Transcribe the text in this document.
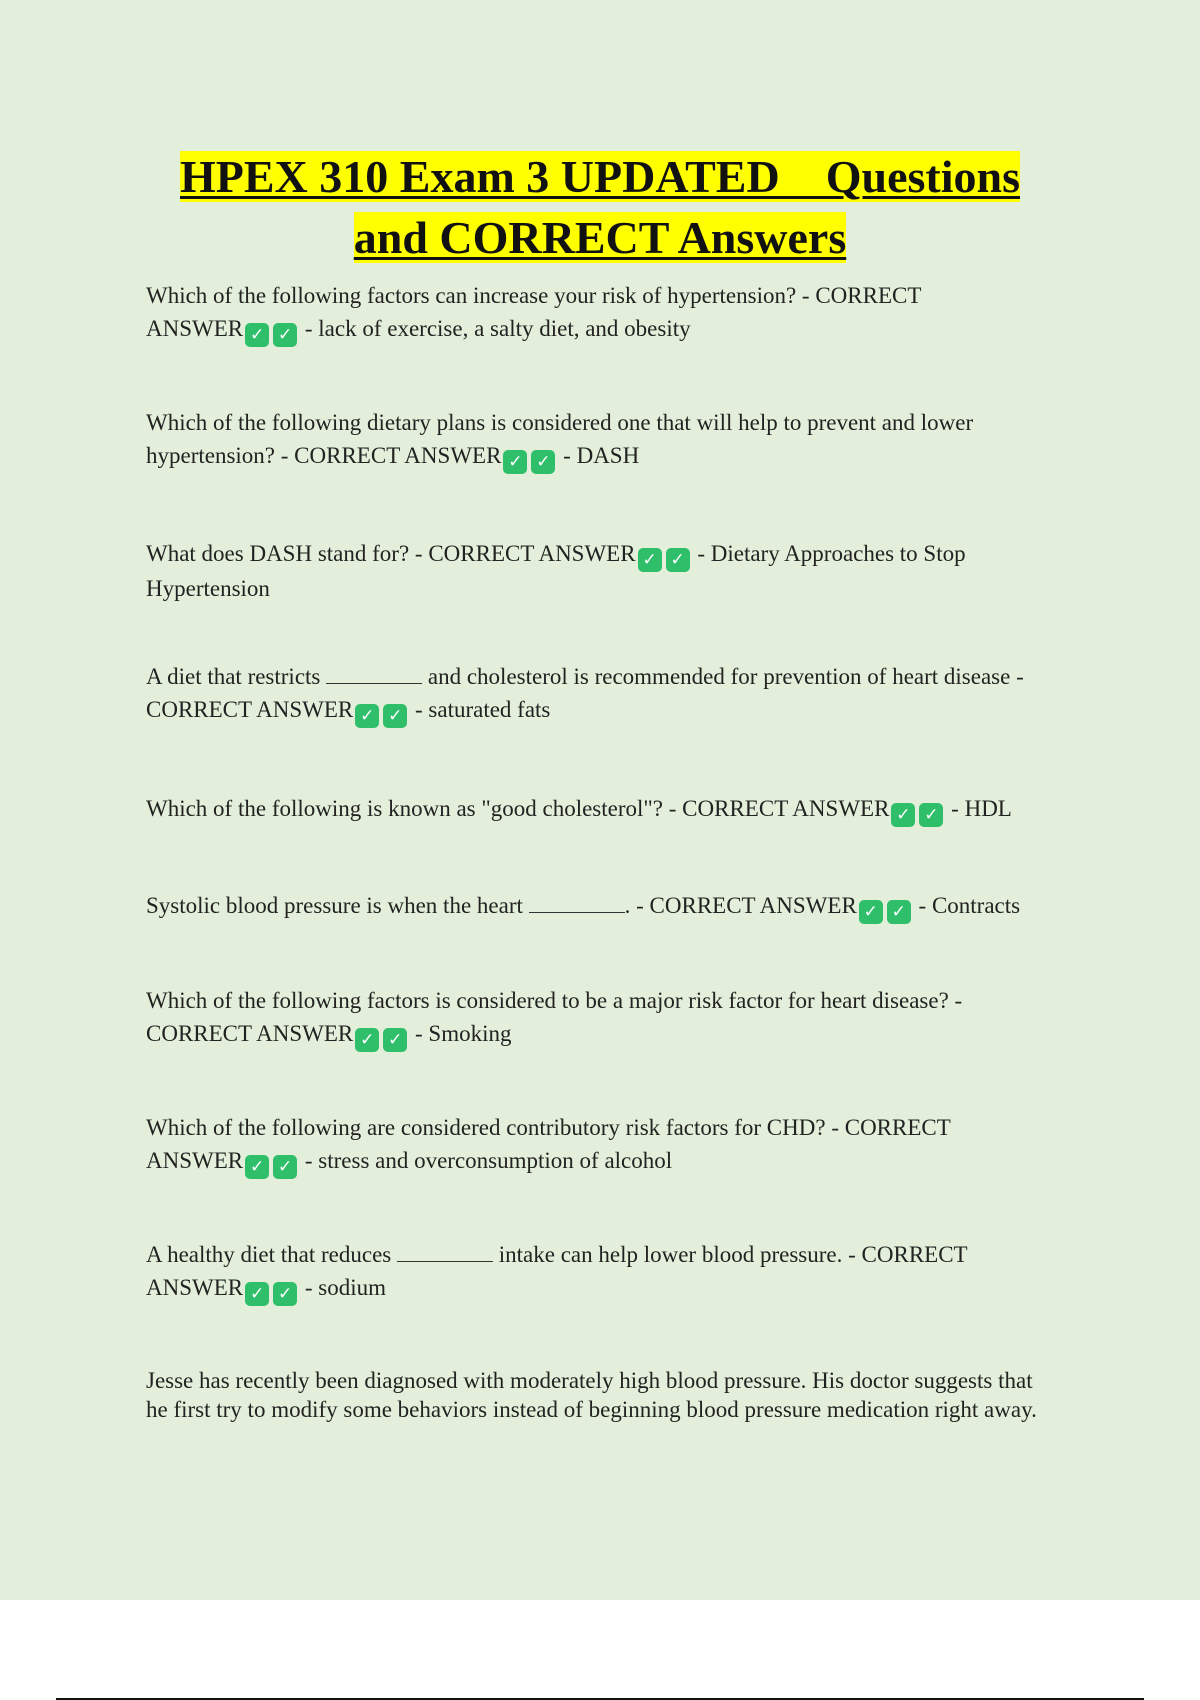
HPEX 310 Exam 3 UPDATED    Questions
and CORRECT Answers
Which of the following factors can increase your risk of hypertension? - CORRECT
ANSWER ✓ ✓ - lack of exercise, a salty diet, and obesity
Which of the following dietary plans is considered one that will help to prevent and lower
hypertension? - CORRECT ANSWER ✓ ✓ - DASH
What does DASH stand for? - CORRECT ANSWER ✓ ✓ - Dietary Approaches to Stop
Hypertension
A diet that restricts	and cholesterol is recommended for prevention of heart disease -
CORRECT ANSWER ✓ ✓ - saturated fats
Which of the following is known as "good cholesterol"? - CORRECT ANSWER ✓ ✓ - HDL
Systolic blood pressure is when the heart	. - CORRECT ANSWER ✓ ✓ - Contracts
Which of the following factors is considered to be a major risk factor for heart disease? -
CORRECT ANSWER ✓ ✓ - Smoking
Which of the following are considered contributory risk factors for CHD? - CORRECT
ANSWER ✓ ✓ - stress and overconsumption of alcohol
A healthy diet that reduces	intake can help lower blood pressure. - CORRECT
ANSWER ✓ ✓ - sodium
Jesse has recently been diagnosed with moderately high blood pressure. His doctor suggests that
he first try to modify some behaviors instead of beginning blood pressure medication right away.
